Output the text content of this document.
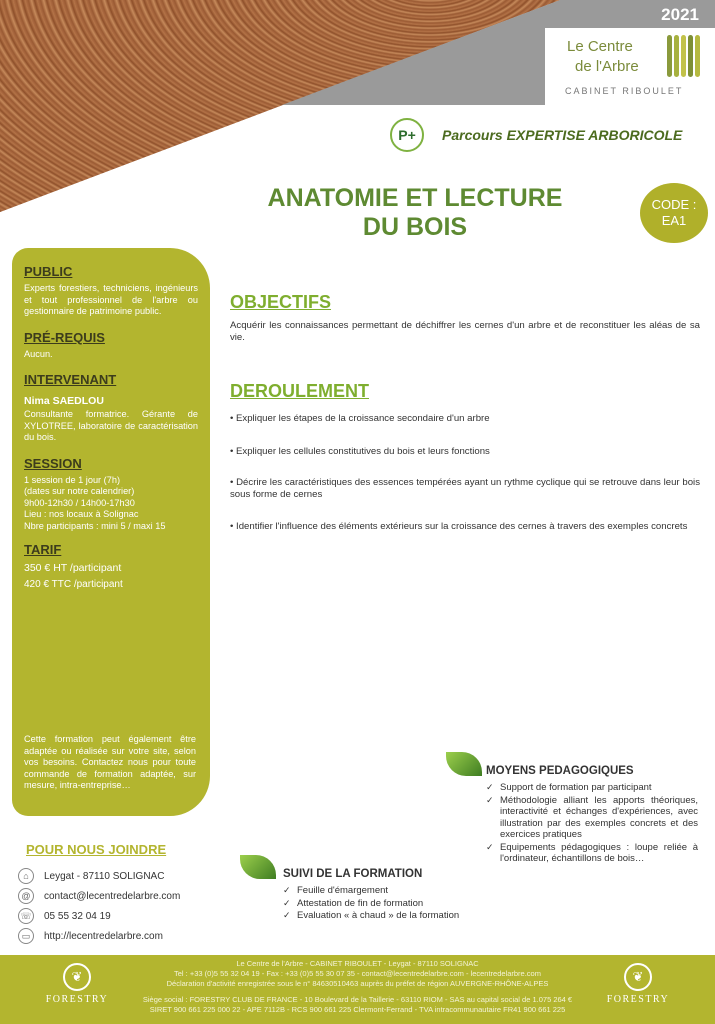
Le Centre
de l'Arbre
CABINET RIBOULET
2021
P+	Parcours EXPERTISE ARBORICOLE
ANATOMIE ET LECTURE
DU BOIS
CODE :
EA1
PUBLIC
Experts forestiers, techniciens, ingénieurs et tout professionnel de l'arbre ou gestionnaire de patrimoine public.
PRÉ-REQUIS
Aucun.
INTERVENANT
Nima SAEDLOU
Consultante formatrice. Gérante de XYLOTREE, laboratoire de caractérisation du bois.
SESSION
1 session de 1 jour (7h)
(dates sur notre calendrier)
9h00-12h30 / 14h00-17h30
Lieu : nos locaux à Solignac
Nbre participants : mini 5 / maxi 15
TARIF
350 € HT /participant
420 € TTC /participant
Cette formation peut également être adaptée ou réalisée sur votre site, selon vos besoins. Contactez nous pour toute commande de formation adaptée, sur mesure, intra-entreprise…
OBJECTIFS
Acquérir les connaissances permettant de déchiffrer les cernes d'un arbre et de reconstituer les aléas de sa vie.
DEROULEMENT
• Expliquer les étapes de la croissance secondaire d'un arbre
• Expliquer les cellules constitutives du bois et leurs fonctions
• Décrire les caractéristiques des essences tempérées ayant un rythme cyclique qui se retrouve dans leur bois sous forme de cernes
• Identifier l'influence des éléments extérieurs sur la croissance des cernes à travers des exemples concrets
MOYENS PEDAGOGIQUES
✓ Support de formation par participant
✓ Méthodologie alliant les apports théoriques, interactivité et échanges d'expériences, avec illustration par des exemples concrets et des exercices pratiques
✓ Equipements pédagogiques : loupe reliée à l'ordinateur, échantillons de bois…
SUIVI DE LA FORMATION
✓ Feuille d'émargement
✓ Attestation de fin de formation
✓ Evaluation « à chaud » de la formation
POUR NOUS JOINDRE
⌂	Leygat - 87110 SOLIGNAC
@	contact@lecentredelarbre.com
☏ 05 55 32 04 19
▭	http://lecentredelarbre.com
❦
FORESTRY
Le Centre de l'Arbre - CABINET RIBOULET - Leygat - 87110 SOLIGNAC
Tel : +33 (0)5 55 32 04 19 - Fax : +33 (0)5 55 30 07 35 - contact@lecentredelarbre.com - lecentredelarbre.com
Déclaration d'activité enregistrée sous le n° 84630510463 auprès du préfet de région AUVERGNE-RHÔNE-ALPES
Siège social : FORESTRY CLUB DE FRANCE - 10 Boulevard de la Taillerie - 63110 RIOM - SAS au capital social de 1.075 264 €
SIRET 900 661 225 000 22 - APE 7112B - RCS 900 661 225 Clermont-Ferrand - TVA intracommunautaire FR41 900 661 225
❦
FORESTRY
